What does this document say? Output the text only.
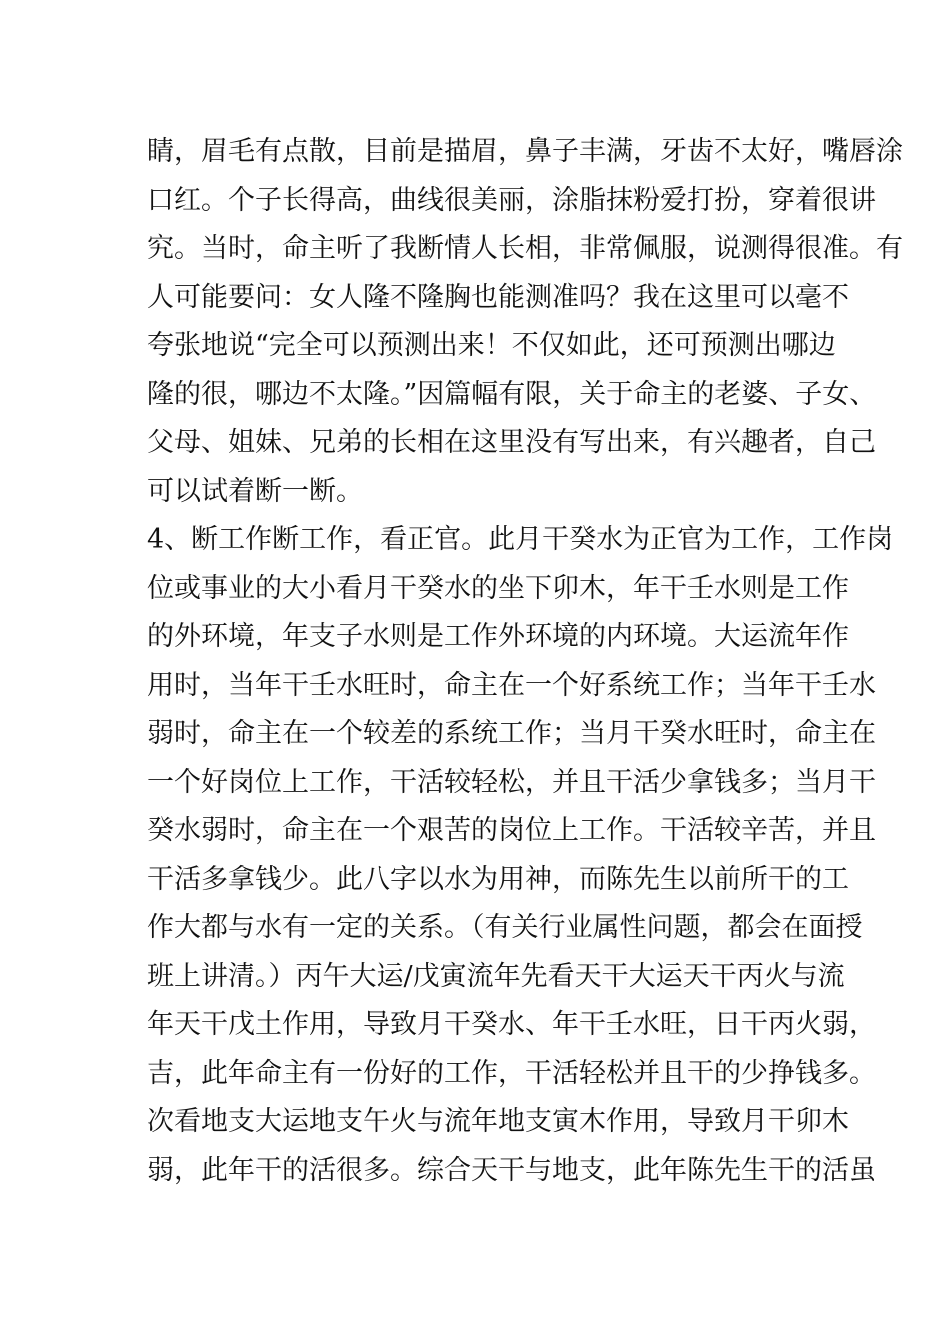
睛，眉毛有点散，目前是描眉，鼻子丰满，牙齿不太好，嘴唇涂
口红。个子长得高，曲线很美丽，涂脂抹粉爱打扮，穿着很讲
究。当时，命主听了我断情人长相，非常佩服，说测得很准。有
人可能要问：女人隆不隆胸也能测准吗？我在这里可以毫不
夸张地说“完全可以预测出来！不仅如此，还可预测出哪边
隆的很，哪边不太隆。”因篇幅有限，关于命主的老婆、子女、
父母、姐妹、兄弟的长相在这里没有写出来，有兴趣者，自己
可以试着断一断。
4、断工作断工作，看正官。此月干癸水为正官为工作，工作岗
位或事业的大小看月干癸水的坐下卯木，年干壬水则是工作
的外环境，年支子水则是工作外环境的内环境。大运流年作
用时，当年干壬水旺时，命主在一个好系统工作；当年干壬水
弱时，命主在一个较差的系统工作；当月干癸水旺时，命主在
一个好岗位上工作，干活较轻松，并且干活少拿钱多；当月干
癸水弱时，命主在一个艰苦的岗位上工作。干活较辛苦，并且
干活多拿钱少。此八字以水为用神，而陈先生以前所干的工
作大都与水有一定的关系。（有关行业属性问题，都会在面授
班上讲清。）丙午大运/戊寅流年先看天干大运天干丙火与流
年天干戊土作用，导致月干癸水、年干壬水旺，日干丙火弱，
吉，此年命主有一份好的工作，干活轻松并且干的少挣钱多。
次看地支大运地支午火与流年地支寅木作用，导致月干卯木
弱，此年干的活很多。综合天干与地支，此年陈先生干的活虽
